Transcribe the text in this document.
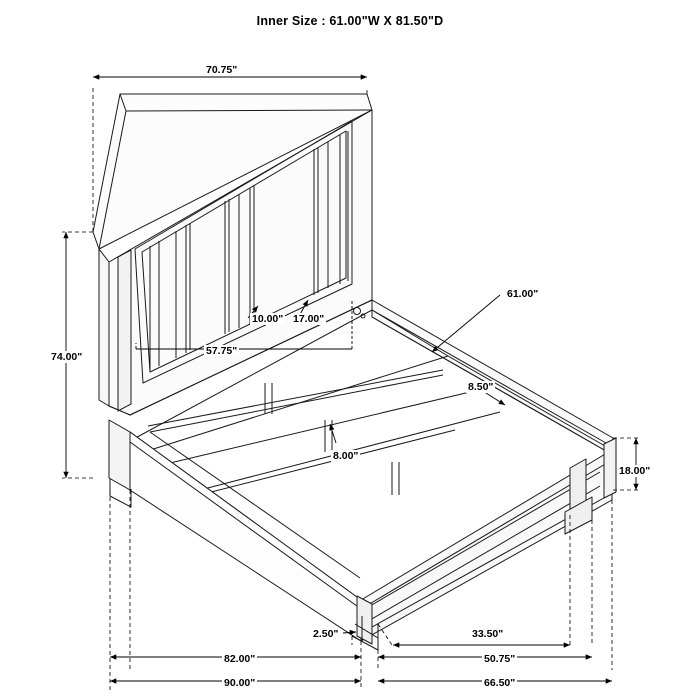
Inner Size : 61.00"W X 81.50"D
70.75"
74.00"
10.00" 17.00"
57.75"
61.00"
8.50"
8.00"
18.00"
2.50"	33.50"
82.00"	50.75"
90.00"	66.50"
